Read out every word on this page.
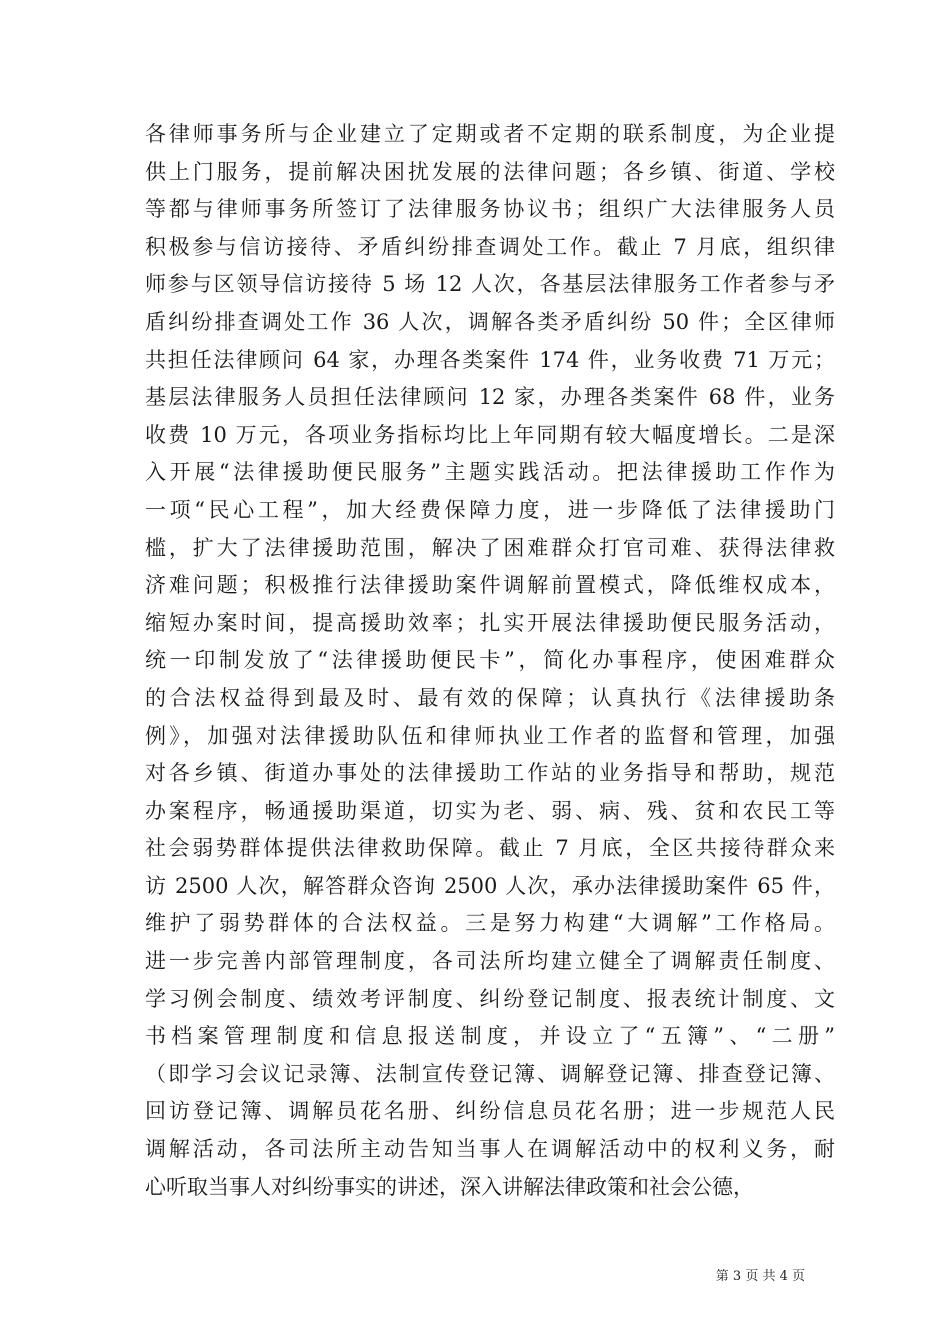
各律师事务所与企业建立了定期或者不定期的联系制度，为企业提
供上门服务，提前解决困扰发展的法律问题；各乡镇、街道、学校
等都与律师事务所签订了法律服务协议书；组织广大法律服务人员
积极参与信访接待、矛盾纠纷排查调处工作。截止 7 月底，组织律
师参与区领导信访接待 5 场 12 人次，各基层法律服务工作者参与矛
盾纠纷排查调处工作 36 人次，调解各类矛盾纠纷 50 件；全区律师
共担任法律顾问 64 家，办理各类案件 174 件，业务收费 71 万元；
基层法律服务人员担任法律顾问 12 家，办理各类案件 68 件，业务
收费 10 万元，各项业务指标均比上年同期有较大幅度增长。二是深
入开展“法律援助便民服务”主题实践活动。把法律援助工作作为
一项“民心工程”，加大经费保障力度，进一步降低了法律援助门
槛，扩大了法律援助范围，解决了困难群众打官司难、获得法律救
济难问题；积极推行法律援助案件调解前置模式，降低维权成本，
缩短办案时间，提高援助效率；扎实开展法律援助便民服务活动，
统一印制发放了“法律援助便民卡”，简化办事程序，使困难群众
的合法权益得到最及时、最有效的保障；认真执行《法律援助条
例》，加强对法律援助队伍和律师执业工作者的监督和管理，加强
对各乡镇、街道办事处的法律援助工作站的业务指导和帮助，规范
办案程序，畅通援助渠道，切实为老、弱、病、残、贫和农民工等
社会弱势群体提供法律救助保障。截止 7 月底，全区共接待群众来
访 2500 人次，解答群众咨询 2500 人次，承办法律援助案件 65 件，
维护了弱势群体的合法权益。三是努力构建“大调解”工作格局。
进一步完善内部管理制度，各司法所均建立健全了调解责任制度、
学习例会制度、绩效考评制度、纠纷登记制度、报表统计制度、文
书档案管理制度和信息报送制度，并设立了“五簿”、“二册”
（即学习会议记录簿、法制宣传登记簿、调解登记簿、排查登记簿、
回访登记簿、调解员花名册、纠纷信息员花名册；进一步规范人民
调解活动，各司法所主动告知当事人在调解活动中的权利义务，耐
心听取当事人对纠纷事实的讲述，深入讲解法律政策和社会公德，
第 3 页 共 4 页
